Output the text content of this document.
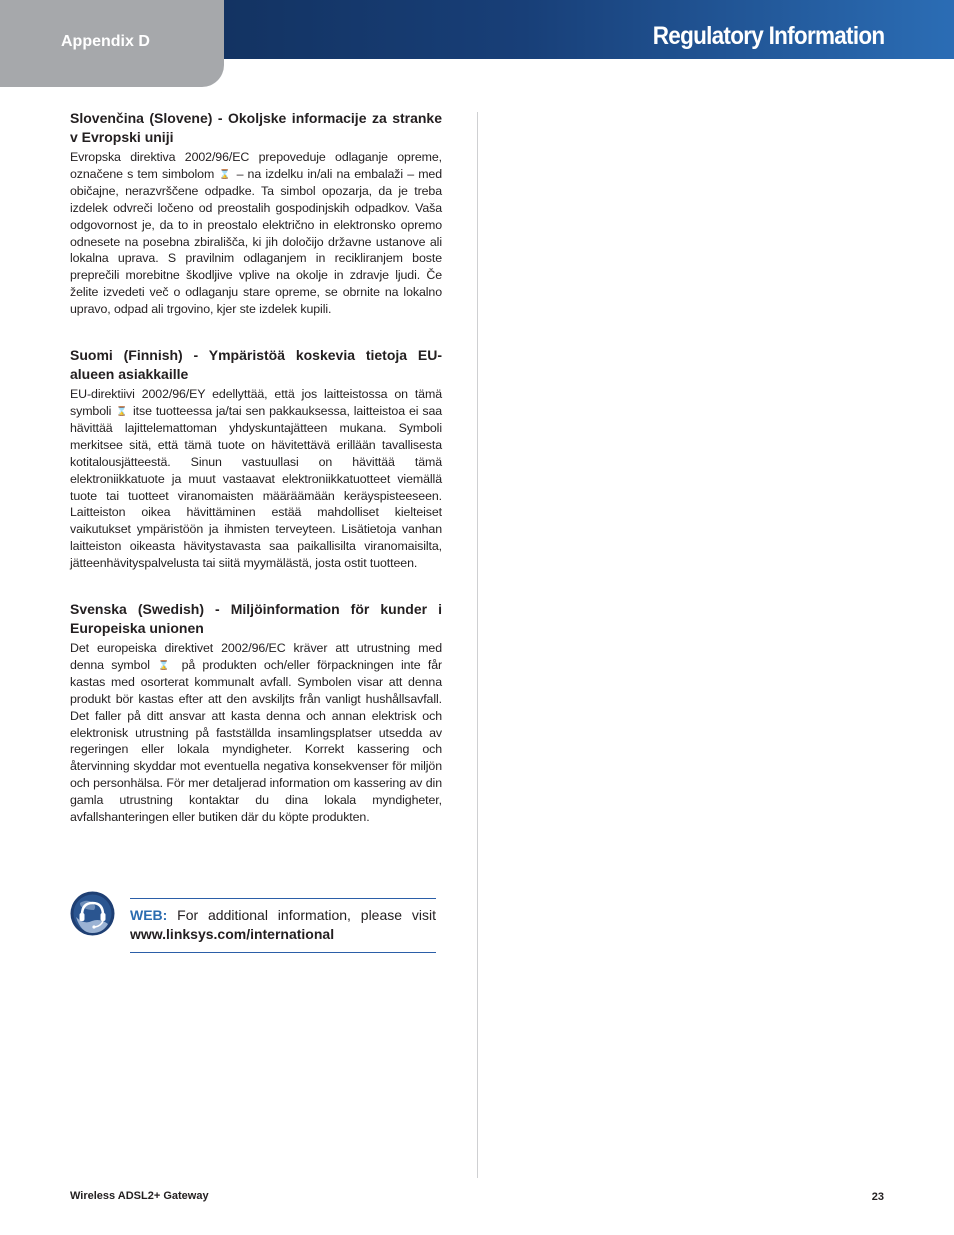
Appendix D	Regulatory Information
Slovenčina (Slovene) - Okoljske informacije za stranke v Evropski uniji

Evropska direktiva 2002/96/EC prepoveduje odlaganje opreme, označene s tem simbolom ⌛ – na izdelku in/ali na embalaži – med običajne, nerazvrščene odpadke. Ta simbol opozarja, da je treba izdelek odvreči ločeno od preostalih gospodinjskih odpadkov. Vaša odgovornost je, da to in preostalo električno in elektronsko opremo odnesete na posebna zbirališča, ki jih določijo državne ustanove ali lokalna uprava. S pravilnim odlaganjem in recikliranjem boste preprečili morebitne škodljive vplive na okolje in zdravje ljudi. Če želite izvedeti več o odlaganju stare opreme, se obrnite na lokalno upravo, odpad ali trgovino, kjer ste izdelek kupili.

Suomi (Finnish) - Ympäristöä koskevia tietoja EU-alueen asiakkaille

EU-direktiivi 2002/96/EY edellyttää, että jos laitteistossa on tämä symboli ⌛ itse tuotteessa ja/tai sen pakkauksessa, laitteistoa ei saa hävittää lajittelemattoman yhdyskuntajätteen mukana. Symboli merkitsee sitä, että tämä tuote on hävitettävä erillään tavallisesta kotitalousjätteestä. Sinun vastuullasi on hävittää tämä elektroniikkatuote ja muut vastaavat elektroniikkatuotteet viemällä tuote tai tuotteet viranomaisten määräämään keräyspisteeseen. Laitteiston oikea hävittäminen estää mahdolliset kielteiset vaikutukset ympäristöön ja ihmisten terveyteen. Lisätietoja vanhan laitteiston oikeasta hävitystavasta saa paikallisilta viranomaisilta, jätteenhävityspalvelusta tai siitä myymälästä, josta ostit tuotteen.

Svenska (Swedish) - Miljöinformation för kunder i Europeiska unionen

Det europeiska direktivet 2002/96/EC kräver att utrustning med denna symbol ⌛ på produkten och/eller förpackningen inte får kastas med osorterat kommunalt avfall. Symbolen visar att denna produkt bör kastas efter att den avskiljts från vanligt hushållsavfall. Det faller på ditt ansvar att kasta denna och annan elektrisk och elektronisk utrustning på fastställda insamlingsplatser utsedda av regeringen eller lokala myndigheter. Korrekt kassering och återvinning skyddar mot eventuella negativa konsekvenser för miljön och personhälsa. För mer detaljerad information om kassering av din gamla utrustning kontaktar du dina lokala myndigheter, avfallshanteringen eller butiken där du köpte produkten.

WEB: For additional information, please visit www.linksys.com/international

Wireless ADSL2+ Gateway	23
